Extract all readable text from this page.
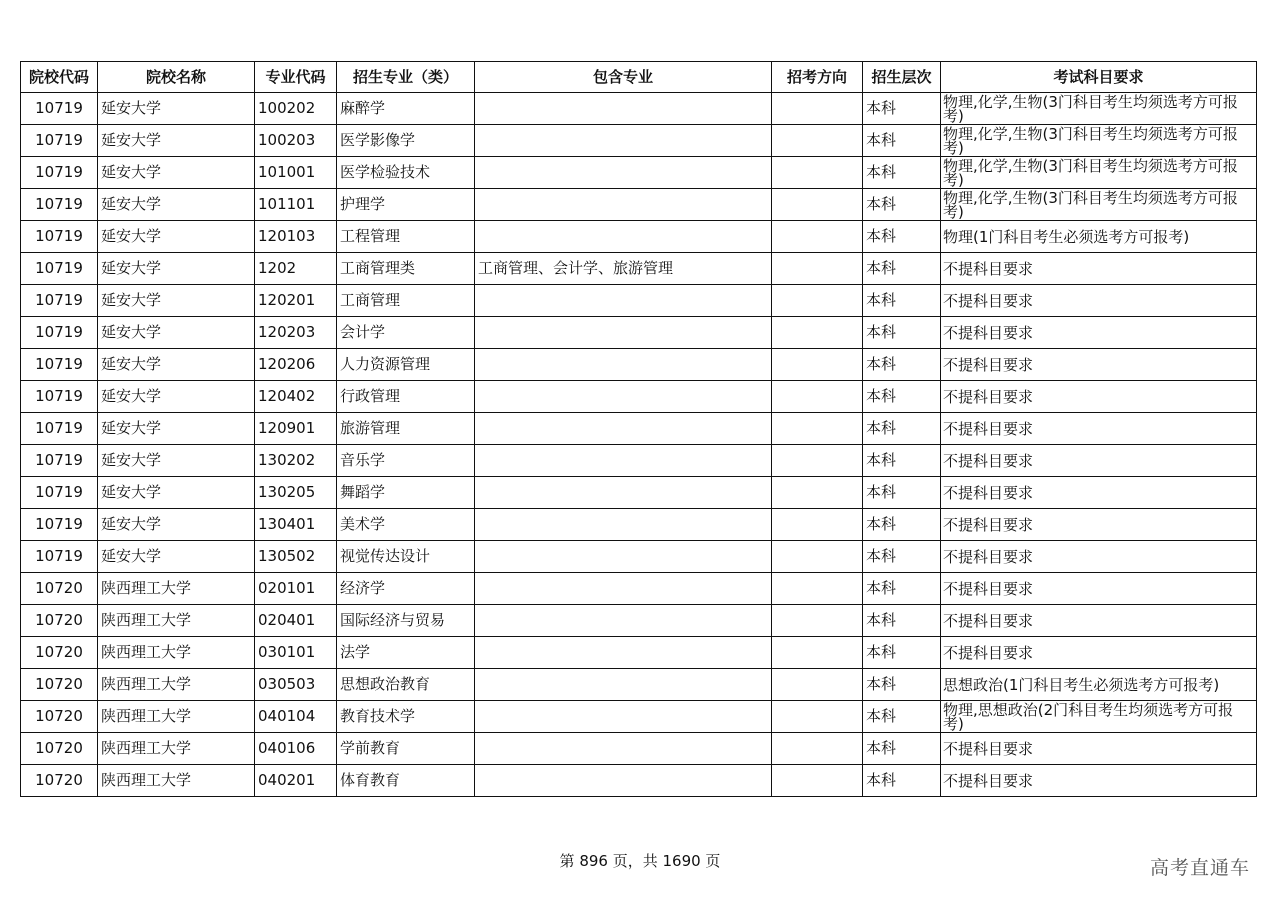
院校代码	院校名称	专业代码	招生专业（类）	包含专业	招考方向	招生层次	考试科目要求
10719	延安大学	100202	麻醉学			本科	物理,化学,生物(3门科目考生均须选考方可报考)
10719	延安大学	100203	医学影像学			本科	物理,化学,生物(3门科目考生均须选考方可报考)
10719	延安大学	101001	医学检验技术			本科	物理,化学,生物(3门科目考生均须选考方可报考)
10719	延安大学	101101	护理学			本科	物理,化学,生物(3门科目考生均须选考方可报考)
10719	延安大学	120103	工程管理			本科	物理(1门科目考生必须选考方可报考)
10719	延安大学	1202	工商管理类	工商管理、会计学、旅游管理		本科	不提科目要求
10719	延安大学	120201	工商管理			本科	不提科目要求
10719	延安大学	120203	会计学			本科	不提科目要求
10719	延安大学	120206	人力资源管理			本科	不提科目要求
10719	延安大学	120402	行政管理			本科	不提科目要求
10719	延安大学	120901	旅游管理			本科	不提科目要求
10719	延安大学	130202	音乐学			本科	不提科目要求
10719	延安大学	130205	舞蹈学			本科	不提科目要求
10719	延安大学	130401	美术学			本科	不提科目要求
10719	延安大学	130502	视觉传达设计			本科	不提科目要求
10720	陕西理工大学	020101	经济学			本科	不提科目要求
10720	陕西理工大学	020401	国际经济与贸易			本科	不提科目要求
10720	陕西理工大学	030101	法学			本科	不提科目要求
10720	陕西理工大学	030503	思想政治教育			本科	思想政治(1门科目考生必须选考方可报考)
10720	陕西理工大学	040104	教育技术学			本科	物理,思想政治(2门科目考生均须选考方可报考)
10720	陕西理工大学	040106	学前教育			本科	不提科目要求
10720	陕西理工大学	040201	体育教育			本科	不提科目要求
第 896 页，共 1690 页	高考直通车
